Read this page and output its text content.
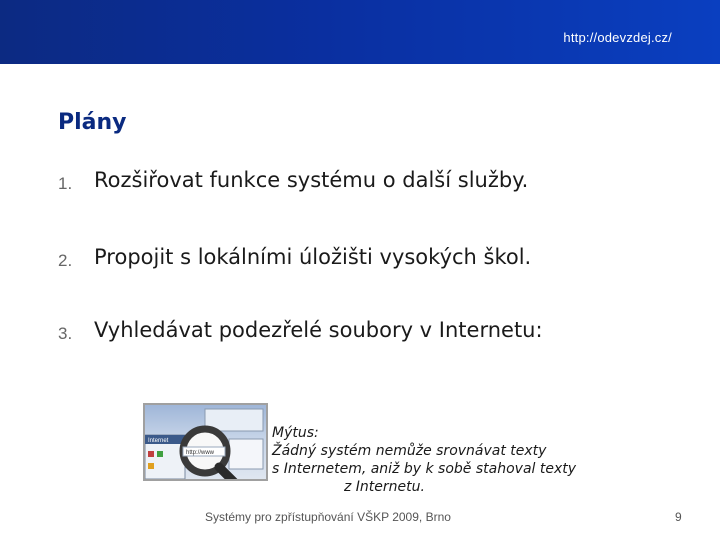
http://odevzdej.cz/
Plány
1. Rozšiřovat funkce systému o další služby.
2. Propojit s lokálními úložišti vysokých škol.
3. Vyhledávat podezřelé soubory v Internetu:
Internet
http://www
Mýtus:
Žádný systém nemůže srovnávat texty
s Internetem, aniž by k sobě stahoval texty
z Internetu.
Systémy pro zpřístupňování VŠKP 2009, Brno	9
